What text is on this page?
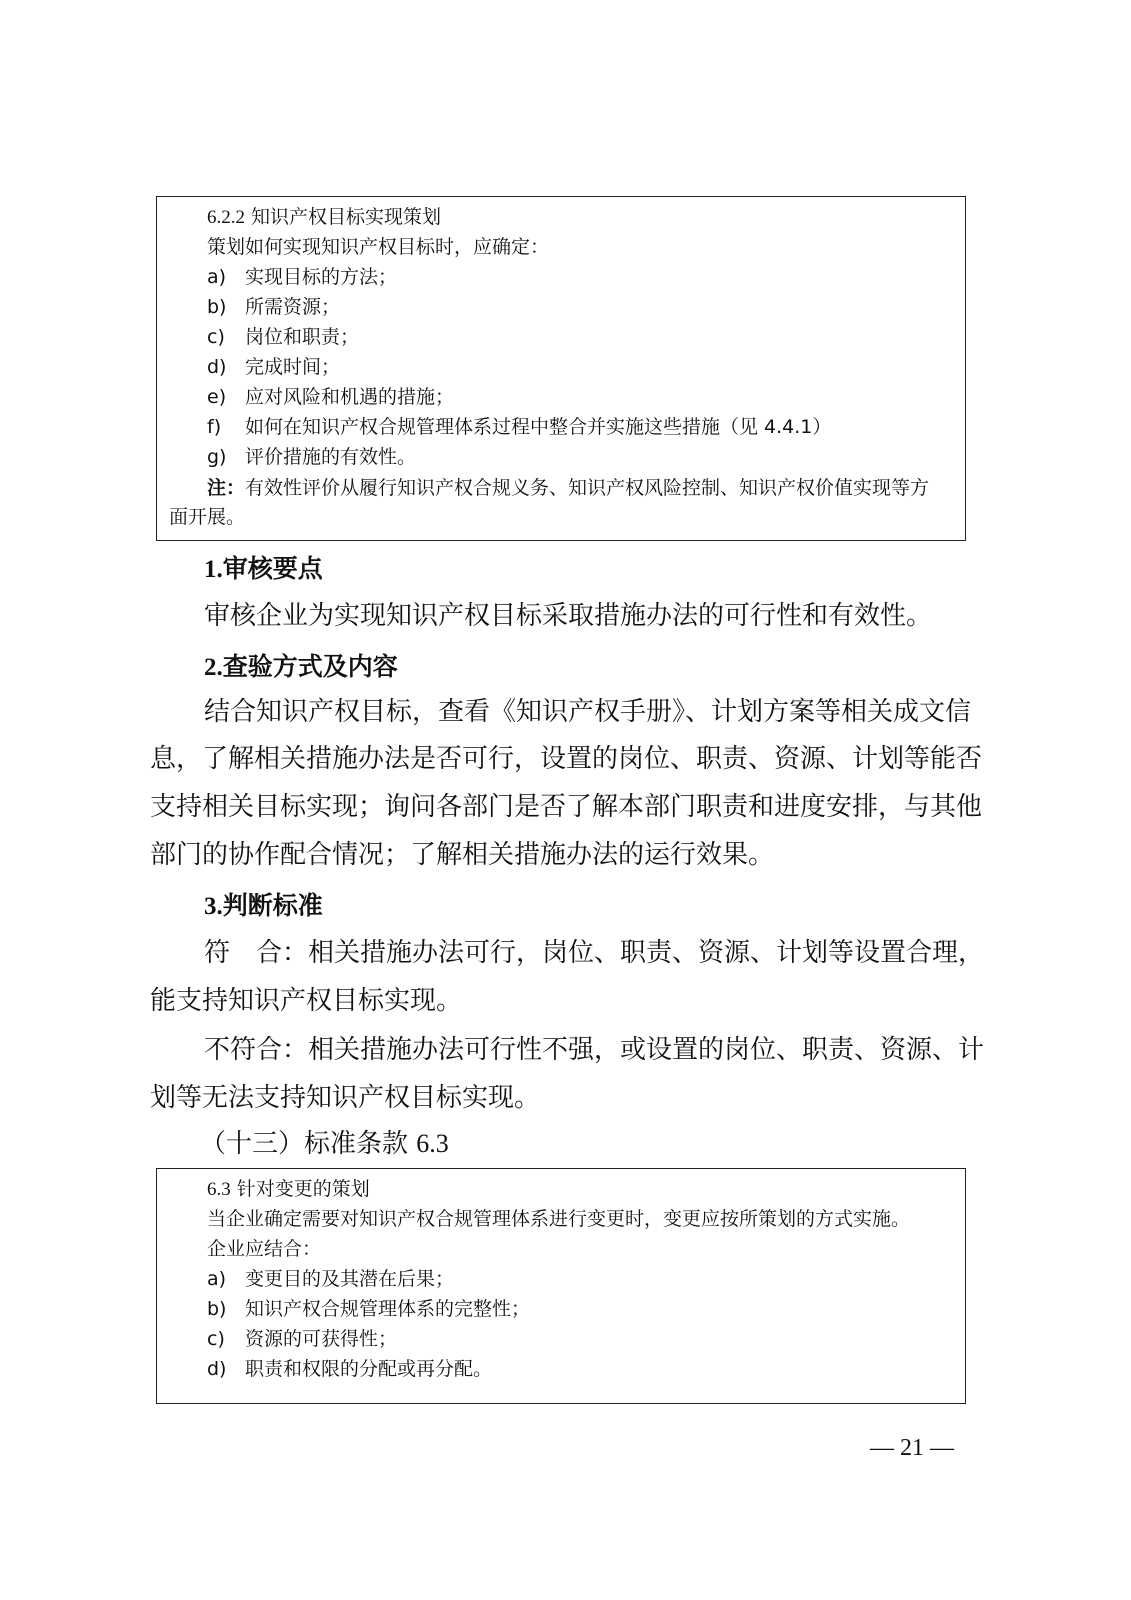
6.2.2 知识产权目标实现策划
策划如何实现知识产权目标时，应确定：
a) 实现目标的方法；
b) 所需资源；
c) 岗位和职责；
d) 完成时间；
e) 应对风险和机遇的措施；
f) 如何在知识产权合规管理体系过程中整合并实施这些措施（见 4.4.1）
g) 评价措施的有效性。
注：有效性评价从履行知识产权合规义务、知识产权风险控制、知识产权价值实现等方
面开展。
1.审核要点
审核企业为实现知识产权目标采取措施办法的可行性和有效性。
2.查验方式及内容
结合知识产权目标，查看《知识产权手册》、计划方案等相关成文信
息，了解相关措施办法是否可行，设置的岗位、职责、资源、计划等能否
支持相关目标实现；询问各部门是否了解本部门职责和进度安排，与其他
部门的协作配合情况；了解相关措施办法的运行效果。
3.判断标准
符　合：相关措施办法可行，岗位、职责、资源、计划等设置合理，
能支持知识产权目标实现。
不符合：相关措施办法可行性不强，或设置的岗位、职责、资源、计
划等无法支持知识产权目标实现。
（十三）标准条款 6.3
6.3 针对变更的策划
当企业确定需要对知识产权合规管理体系进行变更时，变更应按所策划的方式实施。
企业应结合：
a) 变更目的及其潜在后果；
b) 知识产权合规管理体系的完整性；
c) 资源的可获得性；
d) 职责和权限的分配或再分配。
— 21 —
